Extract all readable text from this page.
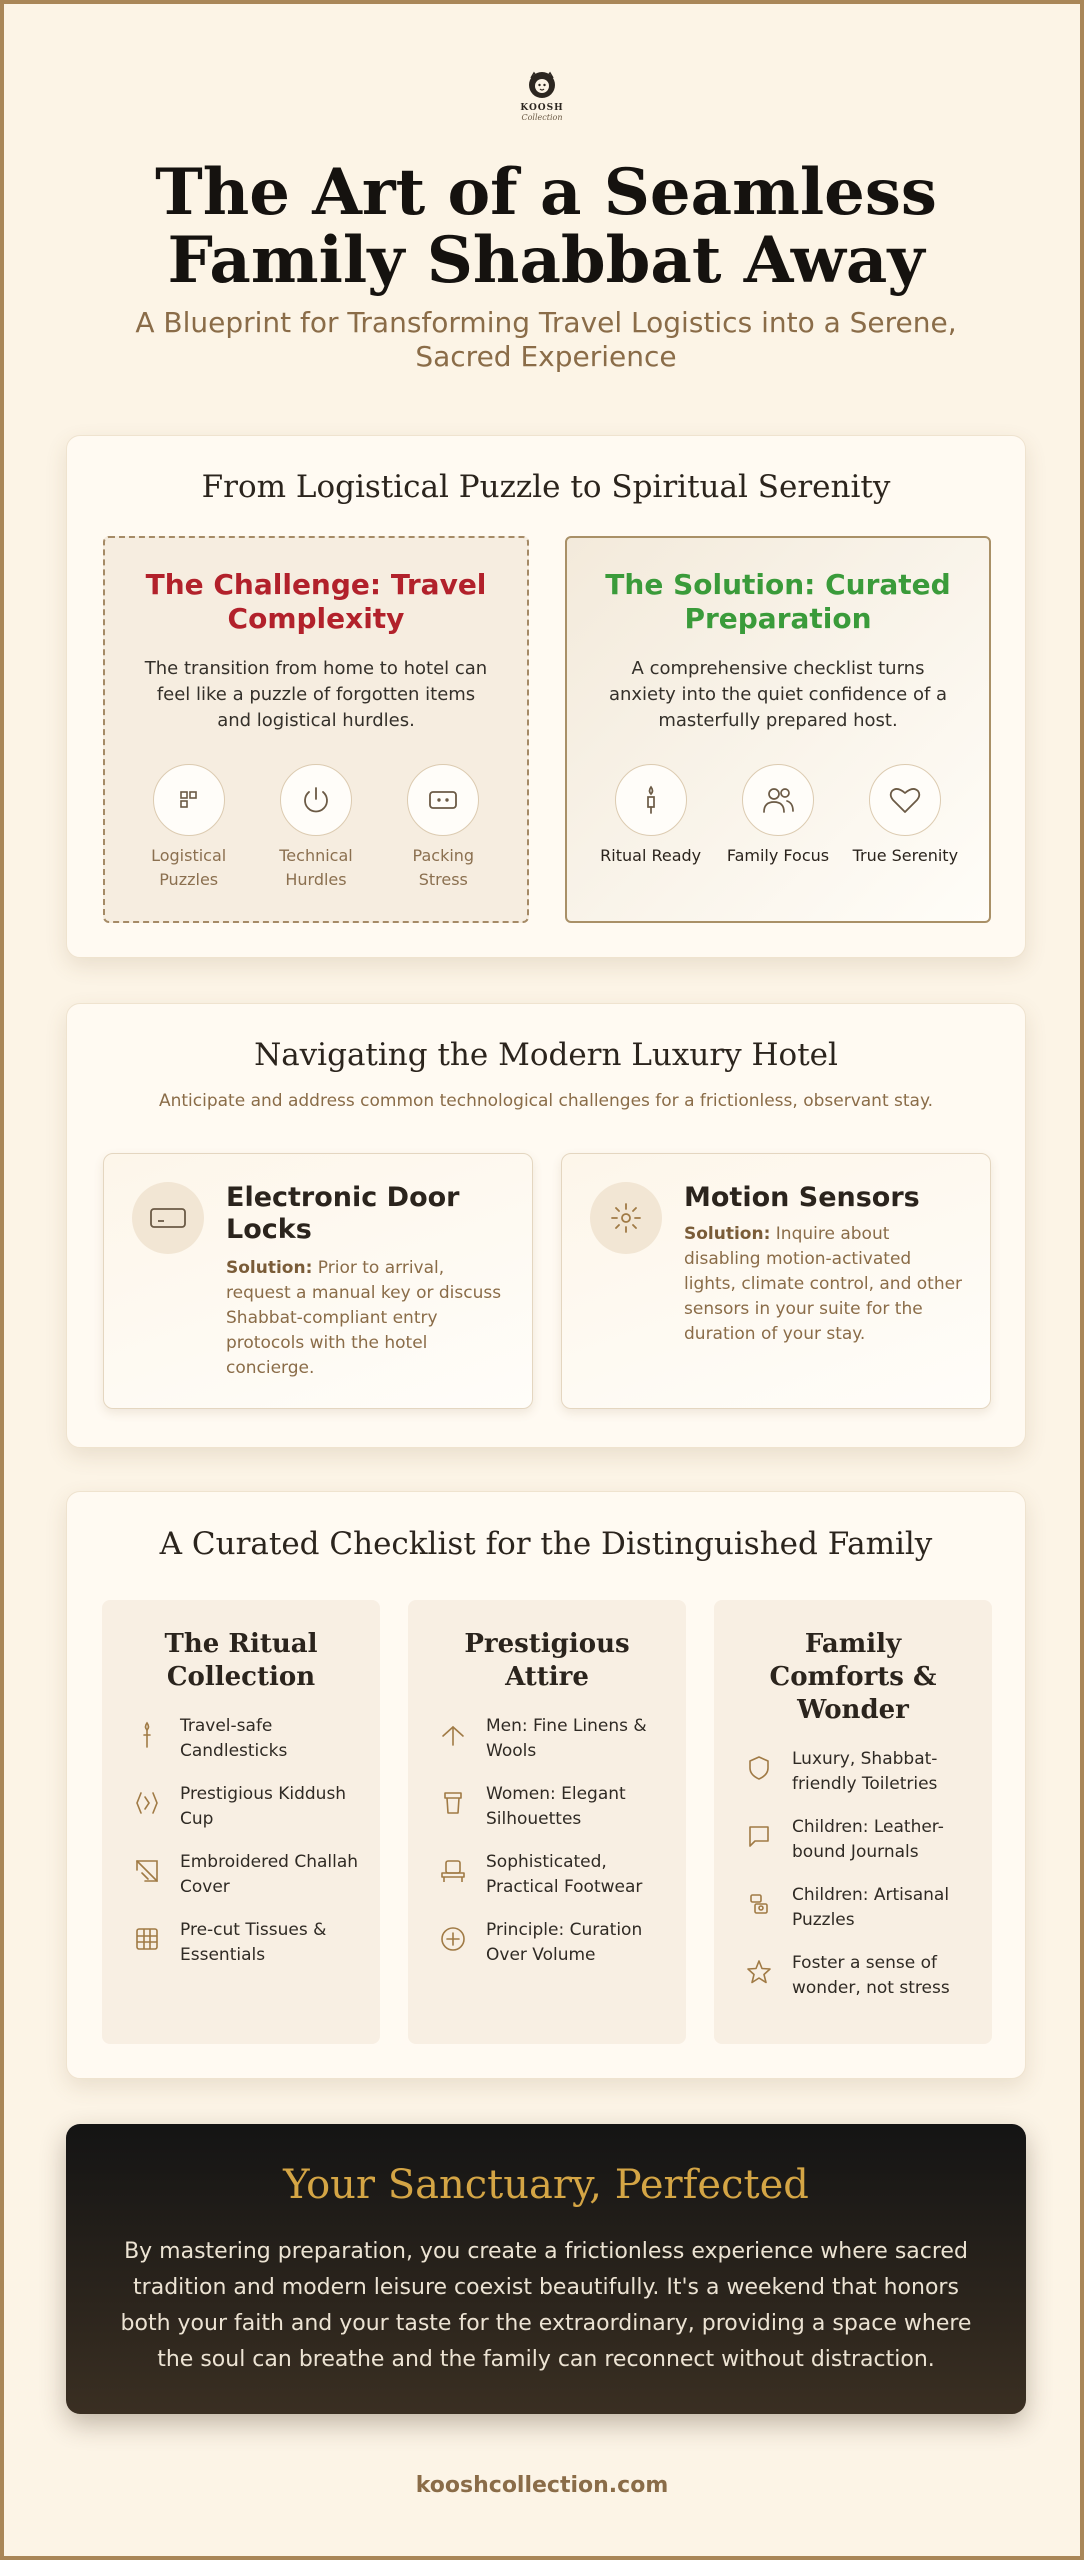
KOOSH
Collection
The Art of a Seamless
Family Shabbat Away
A Blueprint for Transforming Travel Logistics into a Serene, Sacred Experience
From Logistical Puzzle to Spiritual Serenity
The Challenge: Travel Complexity

The transition from home to hotel can feel like a puzzle of forgotten items and logistical hurdles.

Logistical
Puzzles
Technical
Hurdles
Packing
Stress
The Solution: Curated Preparation

A comprehensive checklist turns anxiety into the quiet confidence of a masterfully prepared host.

Ritual Ready	Family Focus	True Serenity
Navigating the Modern Luxury Hotel
Anticipate and address common technological challenges for a frictionless, observant stay.
Electronic Door Locks

Solution: Prior to arrival, request a manual key or discuss Shabbat-compliant entry protocols with the hotel concierge.

Motion Sensors

Solution: Inquire about disabling motion-activated lights, climate control, and other sensors in your suite for the duration of your stay.

A Curated Checklist for the Distinguished Family
The Ritual Collection
Travel-safe Candlesticks
Prestigious Kiddush Cup
Embroidered Challah Cover
Pre-cut Tissues & Essentials
Prestigious Attire
Men: Fine Linens & Wools
Women: Elegant Silhouettes
Sophisticated, Practical Footwear
Principle: Curation Over Volume
Family Comforts & Wonder
Luxury, Shabbat-friendly Toiletries
Children: Leather-bound Journals
Children: Artisanal Puzzles
Foster a sense of wonder, not stress
Your Sanctuary, Perfected

By mastering preparation, you create a frictionless experience where sacred tradition and modern leisure coexist beautifully. It's a weekend that honors both your faith and your taste for the extraordinary, providing a space where the soul can breathe and the family can reconnect without distraction.

kooshcollection.com
